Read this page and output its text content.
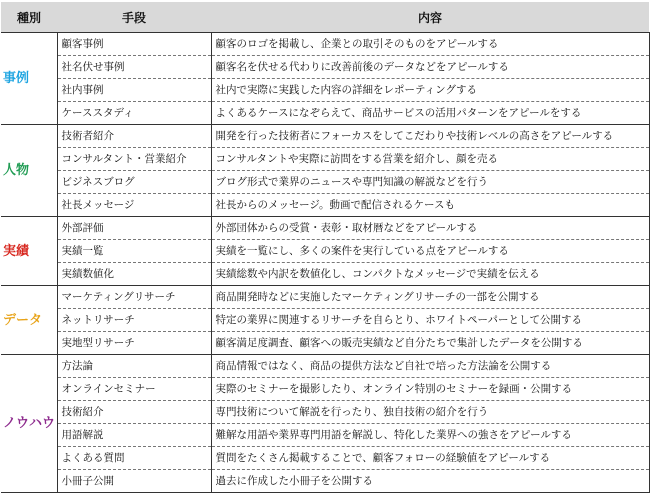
種別	手段	内容
事例	顧客事例	顧客のロゴを掲載し、企業との取引そのものをアピールする
	社名伏せ事例	顧客名を伏せる代わりに改善前後のデータなどをアピールする
	社内事例	社内で実際に実践した内容の詳細をレポーティングする
	ケーススタディ	よくあるケースになぞらえて、商品サービスの活用パターンをアピールをする
人物	技術者紹介	開発を行った技術者にフォーカスをしてこだわりや技術レベルの高さをアピールする
	コンサルタント・営業紹介	コンサルタントや実際に訪問をする営業を紹介し、顔を売る
	ビジネスブログ	ブログ形式で業界のニュースや専門知識の解説などを行う
	社長メッセージ	社長からのメッセージ。動画で配信されるケースも
実績	外部評価	外部団体からの受賞・表彰・取材暦などをアピールする
	実績一覧	実績を一覧にし、多くの案件を実行している点をアピールする
	実績数値化	実績総数や内訳を数値化し、コンパクトなメッセージで実績を伝える
データ	マーケティングリサーチ	商品開発時などに実施したマーケティングリサーチの一部を公開する
	ネットリサーチ	特定の業界に関連するリサーチを自らとり、ホワイトペーパーとして公開する
	実地型リサーチ	顧客満足度調査、顧客への販売実績など自分たちで集計したデータを公開する
ノウハウ	方法論	商品情報ではなく、商品の提供方法など自社で培った方法論を公開する
	オンラインセミナー	実際のセミナーを撮影したり、オンライン特別のセミナーを録画・公開する
	技術紹介	専門技術について解説を行ったり、独自技術の紹介を行う
	用語解説	難解な用語や業界専門用語を解説し、特化した業界への強さをアピールする
	よくある質問	質問をたくさん掲載することで、顧客フォローの経験値をアピールする
	小冊子公開	過去に作成した小冊子を公開する
